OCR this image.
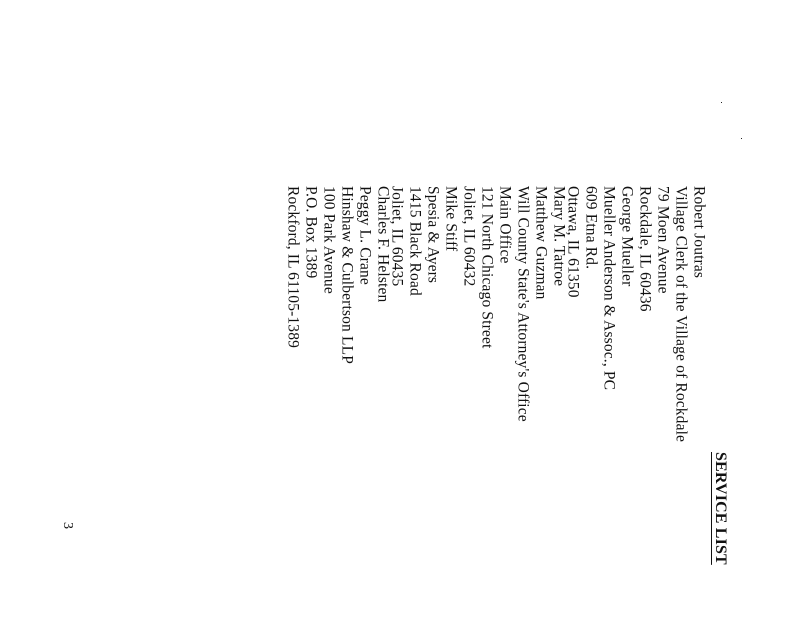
SERVICE LIST
Robert Joutras
Village Clerk of the Village of Rockdale
79 Moen Avenue
Rockdale, IL 60436
George Mueller
Mueller Anderson & Assoc., PC
609 Etna Rd.
Ottawa, IL 61350
Mary M. Tatroe
Matthew Guzman
Will County State's Attorney's Office
Main Office
121 North Chicago Street
Joliet, IL 60432
Mike Stiff
Spesia & Ayers
1415 Black Road
Joliet, IL 60435
Charles F. Helsten
Peggy L. Crane
Hinshaw & Culbertson LLP
100 Park Avenue
P.O. Box 1389
Rockford, IL 61105-1389
3
